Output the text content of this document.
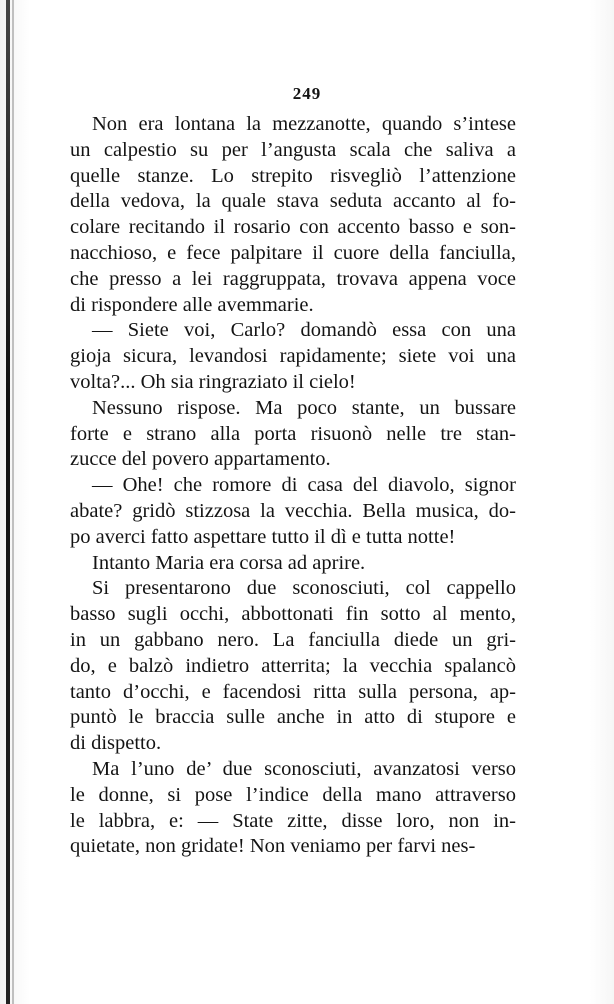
249
Non era lontana la mezzanotte, quando s’intese
un calpestio su per l’angusta scala che saliva a
quelle stanze. Lo strepito risvegliò l’attenzione
della vedova, la quale stava seduta accanto al fo-
colare recitando il rosario con accento basso e son-
nacchioso, e fece palpitare il cuore della fanciulla,
che presso a lei raggruppata, trovava appena voce
di rispondere alle avemmarie.
— Siete voi, Carlo? domandò essa con una
gioja sicura, levandosi rapidamente; siete voi una
volta?... Oh sia ringraziato il cielo!
Nessuno rispose. Ma poco stante, un bussare
forte e strano alla porta risuonò nelle tre stan-
zucce del povero appartamento.
— Ohe! che romore di casa del diavolo, signor
abate? gridò stizzosa la vecchia. Bella musica, do-
po averci fatto aspettare tutto il dì e tutta notte!
Intanto Maria era corsa ad aprire.
Si presentarono due sconosciuti, col cappello
basso sugli occhi, abbottonati fin sotto al mento,
in un gabbano nero. La fanciulla diede un gri-
do, e balzò indietro atterrita; la vecchia spalancò
tanto d’occhi, e facendosi ritta sulla persona, ap-
puntò le braccia sulle anche in atto di stupore e
di dispetto.
Ma l’uno de’ due sconosciuti, avanzatosi verso
le donne, si pose l’indice della mano attraverso
le labbra, e: — State zitte, disse loro, non in-
quietate, non gridate! Non veniamo per farvi nes-
